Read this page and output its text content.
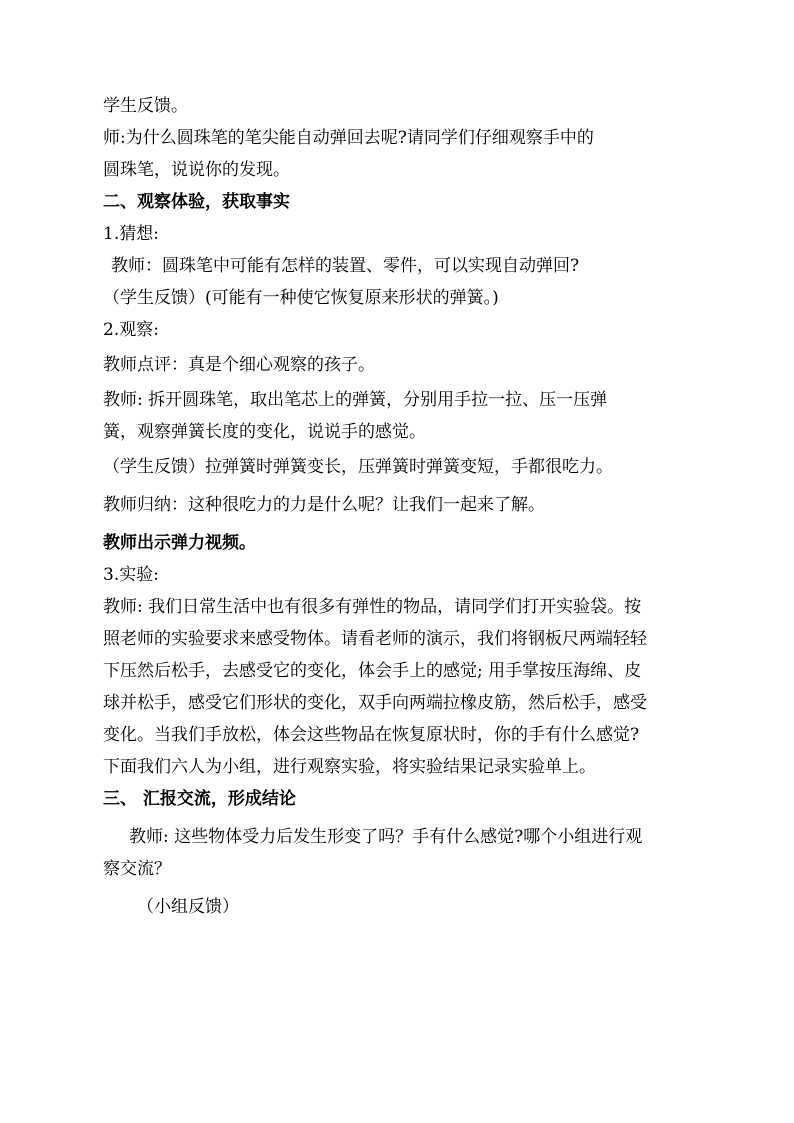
学生反馈。

师:为什么圆珠笔的笔尖能自动弹回去呢?请同学们仔细观察手中的

圆珠笔，说说你的发现。

二、观察体验，获取事实

1.猜想:

教师：圆珠笔中可能有怎样的装置、零件，可以实现自动弹回?

（学生反馈）(可能有一种使它恢复原来形状的弹簧。)

2.观察:

教师点评：真是个细心观察的孩子。

教师: 拆开圆珠笔，取出笔芯上的弹簧，分别用手拉一拉、压一压弹

簧，观察弹簧长度的变化，说说手的感觉。

（学生反馈）拉弹簧时弹簧变长，压弹簧时弹簧变短，手都很吃力。

教师归纳：这种很吃力的力是什么呢？让我们一起来了解。

教师出示弹力视频。

3.实验:

教师: 我们日常生活中也有很多有弹性的物品，请同学们打开实验袋。按

照老师的实验要求来感受物体。请看老师的演示，我们将钢板尺两端轻轻

下压然后松手，去感受它的变化，体会手上的感觉; 用手掌按压海绵、皮

球并松手，感受它们形状的变化，双手向两端拉橡皮筋，然后松手，感受

变化。当我们手放松，体会这些物品在恢复原状时，你的手有什么感觉?

下面我们六人为小组，进行观察实验，将实验结果记录实验单上。

三、 汇报交流，形成结论

教师: 这些物体受力后发生形变了吗？手有什么感觉?哪个小组进行观

察交流？

（小组反馈）
